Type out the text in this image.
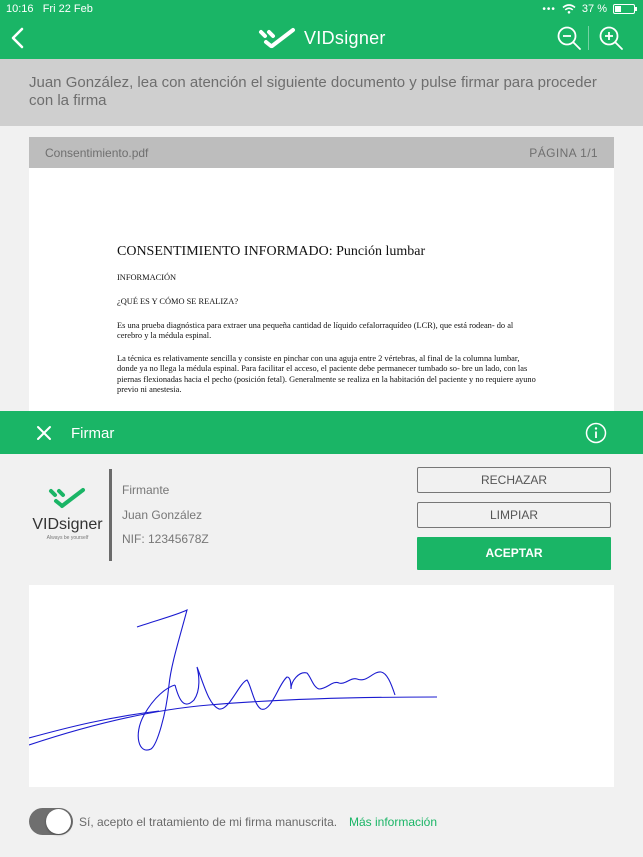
10:16 Fri 22 Feb	••• 37 %
VIDsigner

Juan González, lea con atención el siguiente documento y pulse firmar para proceder con la firma

Consentimiento.pdf	PÁGINA 1/1
CONSENTIMIENTO INFORMADO: Punción lumbar
INFORMACIÓN
¿QUÉ ES Y CÓMO SE REALIZA?
Es una prueba diagnóstica para extraer una pequeña cantidad de líquido cefalorraquídeo (LCR), que está rodean- do al cerebro y la médula espinal.
La técnica es relativamente sencilla y consiste en pinchar con una aguja entre 2 vértebras, al final de la columna lumbar, donde ya no llega la médula espinal. Para facilitar el acceso, el paciente debe permanecer tumbado so- bre un lado, con las piernas flexionadas hacia el pecho (posición fetal). Generalmente se realiza en la habitación del paciente y no requiere ayuno previo ni anestesia.
Firmar
VIDsigner
Always be yourself
Firmante
Juan González
NIF: 12345678Z
RECHAZAR
LIMPIAR
ACEPTAR
Sí, acepto el tratamiento de mi firma manuscrita. Más información
